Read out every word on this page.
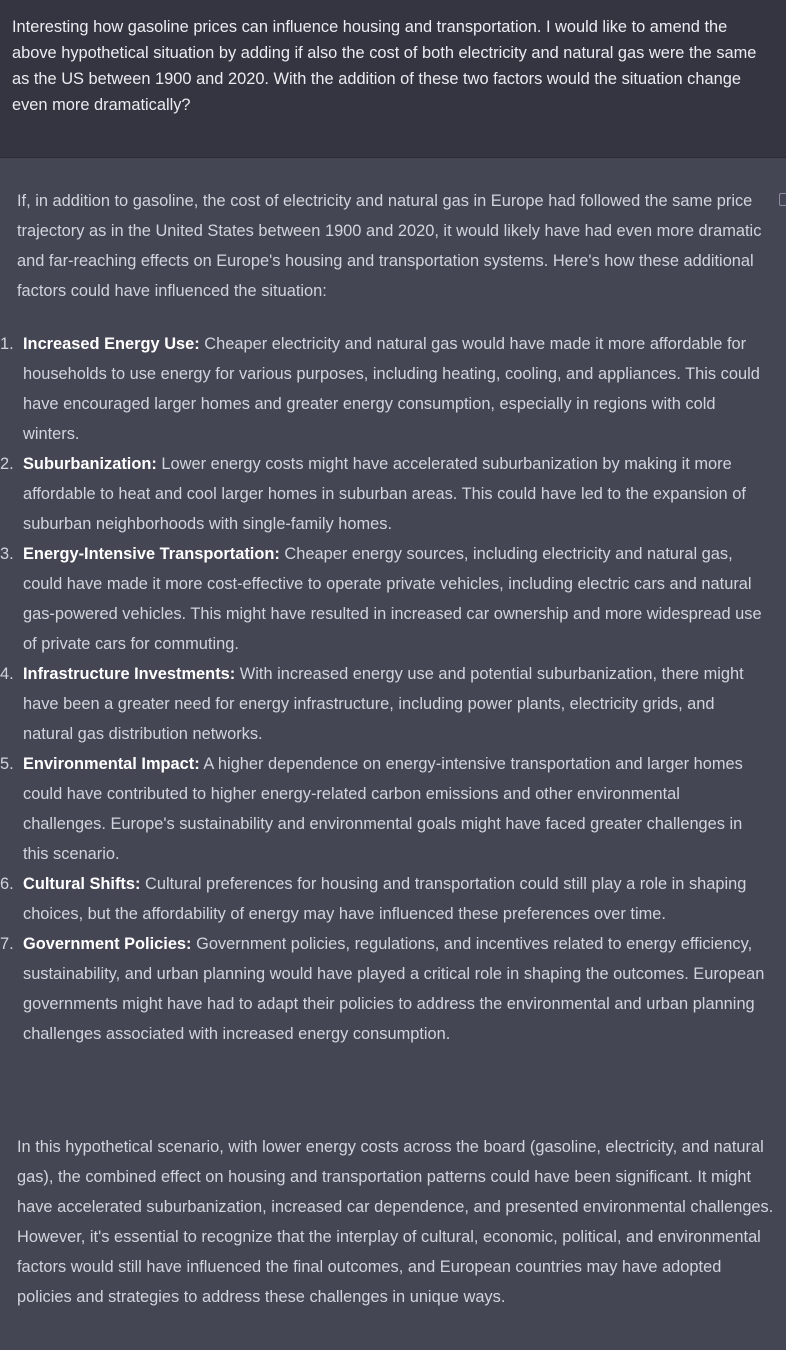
Interesting how gasoline prices can influence housing and transportation. I would like to amend the above hypothetical situation by adding if also the cost of both electricity and natural gas were the same as the US between 1900 and 2020. With the addition of these two factors would the situation change even more dramatically?

If, in addition to gasoline, the cost of electricity and natural gas in Europe had followed the same price trajectory as in the United States between 1900 and 2020, it would likely have had even more dramatic and far-reaching effects on Europe's housing and transportation systems. Here's how these additional factors could have influenced the situation:

1. Increased Energy Use: Cheaper electricity and natural gas would have made it more affordable for households to use energy for various purposes, including heating, cooling, and appliances. This could have encouraged larger homes and greater energy consumption, especially in regions with cold winters.
2. Suburbanization: Lower energy costs might have accelerated suburbanization by making it more affordable to heat and cool larger homes in suburban areas. This could have led to the expansion of suburban neighborhoods with single-family homes.
3. Energy-Intensive Transportation: Cheaper energy sources, including electricity and natural gas, could have made it more cost-effective to operate private vehicles, including electric cars and natural gas-powered vehicles. This might have resulted in increased car ownership and more widespread use of private cars for commuting.
4. Infrastructure Investments: With increased energy use and potential suburbanization, there might have been a greater need for energy infrastructure, including power plants, electricity grids, and natural gas distribution networks.
5. Environmental Impact: A higher dependence on energy-intensive transportation and larger homes could have contributed to higher energy-related carbon emissions and other environmental challenges. Europe's sustainability and environmental goals might have faced greater challenges in this scenario.
6. Cultural Shifts: Cultural preferences for housing and transportation could still play a role in shaping choices, but the affordability of energy may have influenced these preferences over time.
7. Government Policies: Government policies, regulations, and incentives related to energy efficiency, sustainability, and urban planning would have played a critical role in shaping the outcomes. European governments might have had to adapt their policies to address the environmental and urban planning challenges associated with increased energy consumption.

In this hypothetical scenario, with lower energy costs across the board (gasoline, electricity, and natural gas), the combined effect on housing and transportation patterns could have been significant. It might have accelerated suburbanization, increased car dependence, and presented environmental challenges. However, it's essential to recognize that the interplay of cultural, economic, political, and environmental factors would still have influenced the final outcomes, and European countries may have adopted policies and strategies to address these challenges in unique ways.
